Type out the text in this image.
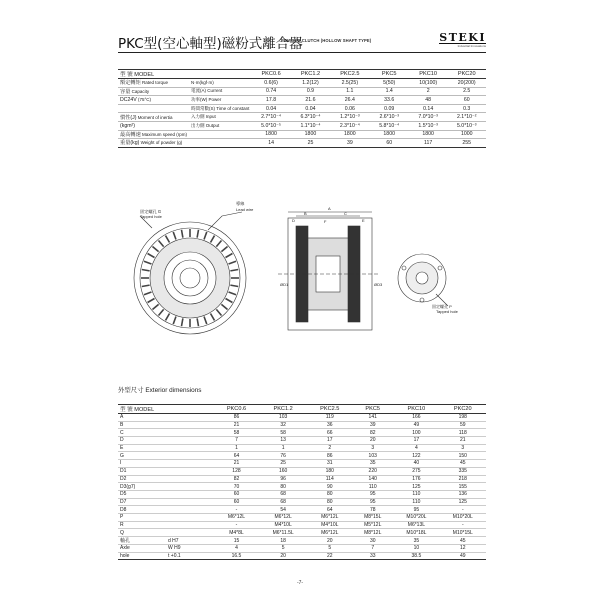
PKC型(空心軸型)磁粉式離合器
POWDER CLUTCH (HOLLOW SHAFT TYPE)	STEKI
Industrial Innovations
型 號 MODEL		PKC0.6	PKC1.2	PKC2.5	PKC5	PKC10	PKC20
額定轉矩 Rated torque	N·m(kgf·m)	0.6(6)	1.2(12)	2.5(25)	5(50)	10(100)	20(200)
容量 Capacity	電流(A) Current	0.74	0.9	1.1	1.4	2	2.5
DC24V (75°C)	功率(W) Power	17.8	21.6	26.4	33.6	48	60
	時間常數(S) Time of constant	0.04	0.04	0.06	0.09	0.14	0.3
慣性(J) Moment of inertia	入力側 Input	2.7*10⁻⁴	6.3*10⁻⁴	1.2*10⁻³	2.6*10⁻³	7.0*10⁻³	2.1*10⁻²
(kgm²)	出力側 Output	5.0*10⁻⁵	1.1*10⁻⁴	2.3*10⁻⁴	5.8*10⁻⁴	1.5*10⁻³	5.0*10⁻³
最高轉速 Maximum speed (rpm)		1800	1800	1800	1800	1800	1000
重量(kg) Weight of powder (g)		14	25	39	60	117	255
導線
Lead wire
固定螺孔 G
Tapped hole
A
B	C
D	E
F
ØD1	ØD3
固定螺孔 P
Tapped hole
外型尺寸 Exterior dimensions
型 號 MODEL		PKC0.6	PKC1.2	PKC2.5	PKC5	PKC10	PKC20
A		86	103	119	141	166	198
B		21	32	36	39	49	59
C		58	58	66	82	100	118
D		7	13	17	20	17	21
E		1	1	2	3	4	3
G		64	76	86	103	122	150
I		21	25	31	35	40	45
D1		128	160	180	220	275	335
D2		82	96	114	140	176	218
D3(g7)		70	80	90	110	125	155
D5		60	68	80	95	110	136
D7		60	68	80	95	110	125
D8		-	54	64	78	95	-
P		M6*12L	M6*12L	M6*12L	M8*15L	M10*20L	M10*20L
R		-	M4*10L	M4*10L	M5*12L	M6*13L	-
Q		M4*8L	M6*11.5L	M6*12L	M8*12L	M10*18L	M10*15L
軸孔	d H7	15	18	20	30	35	45
Axle	W H9	4	5	5	7	10	12
hole	t +0.1	16.5	20	22	33	38.5	49
-7-
